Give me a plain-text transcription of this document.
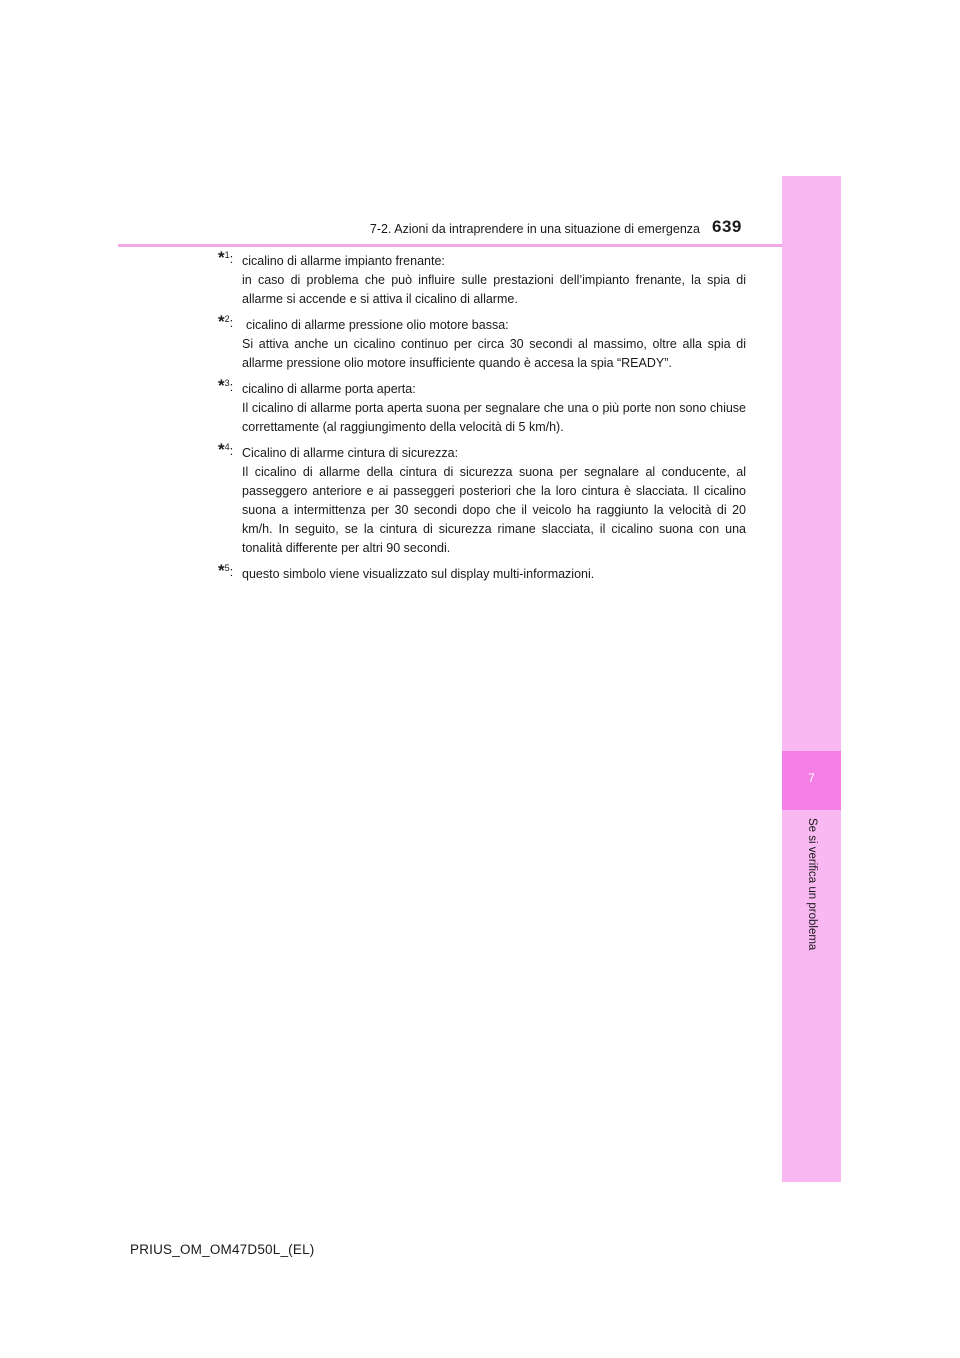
7-2. Azioni da intraprendere in una situazione di emergenza 639
7
Se si verifica un problema
*$^1$: cicalino di allarme impianto frenante:
in caso di problema che può influire sulle prestazioni dell’impianto frenante, la spia di allarme si accende e si attiva il cicalino di allarme.
*$^2$:	cicalino di allarme pressione olio motore bassa:
Si attiva anche un cicalino continuo per circa 30 secondi al massimo, oltre alla spia di allarme pressione olio motore insufficiente quando è accesa la spia “READY”.
*$^3$: cicalino di allarme porta aperta:
Il cicalino di allarme porta aperta suona per segnalare che una o più porte non sono chiuse correttamente (al raggiungimento della velocità di 5 km/h).
*$^4$: Cicalino di allarme cintura di sicurezza:
Il cicalino di allarme della cintura di sicurezza suona per segnalare al conducente, al passeggero anteriore e ai passeggeri posteriori che la loro cintura è slacciata. Il cicalino suona a intermittenza per 30 secondi dopo che il veicolo ha raggiunto la velocità di 20 km/h. In seguito, se la cintura di sicurezza rimane slacciata, il cicalino suona con una tonalità differente per altri 90 secondi.
*$^5$: questo simbolo viene visualizzato sul display multi-informazioni.
PRIUS_OM_OM47D50L_(EL)
